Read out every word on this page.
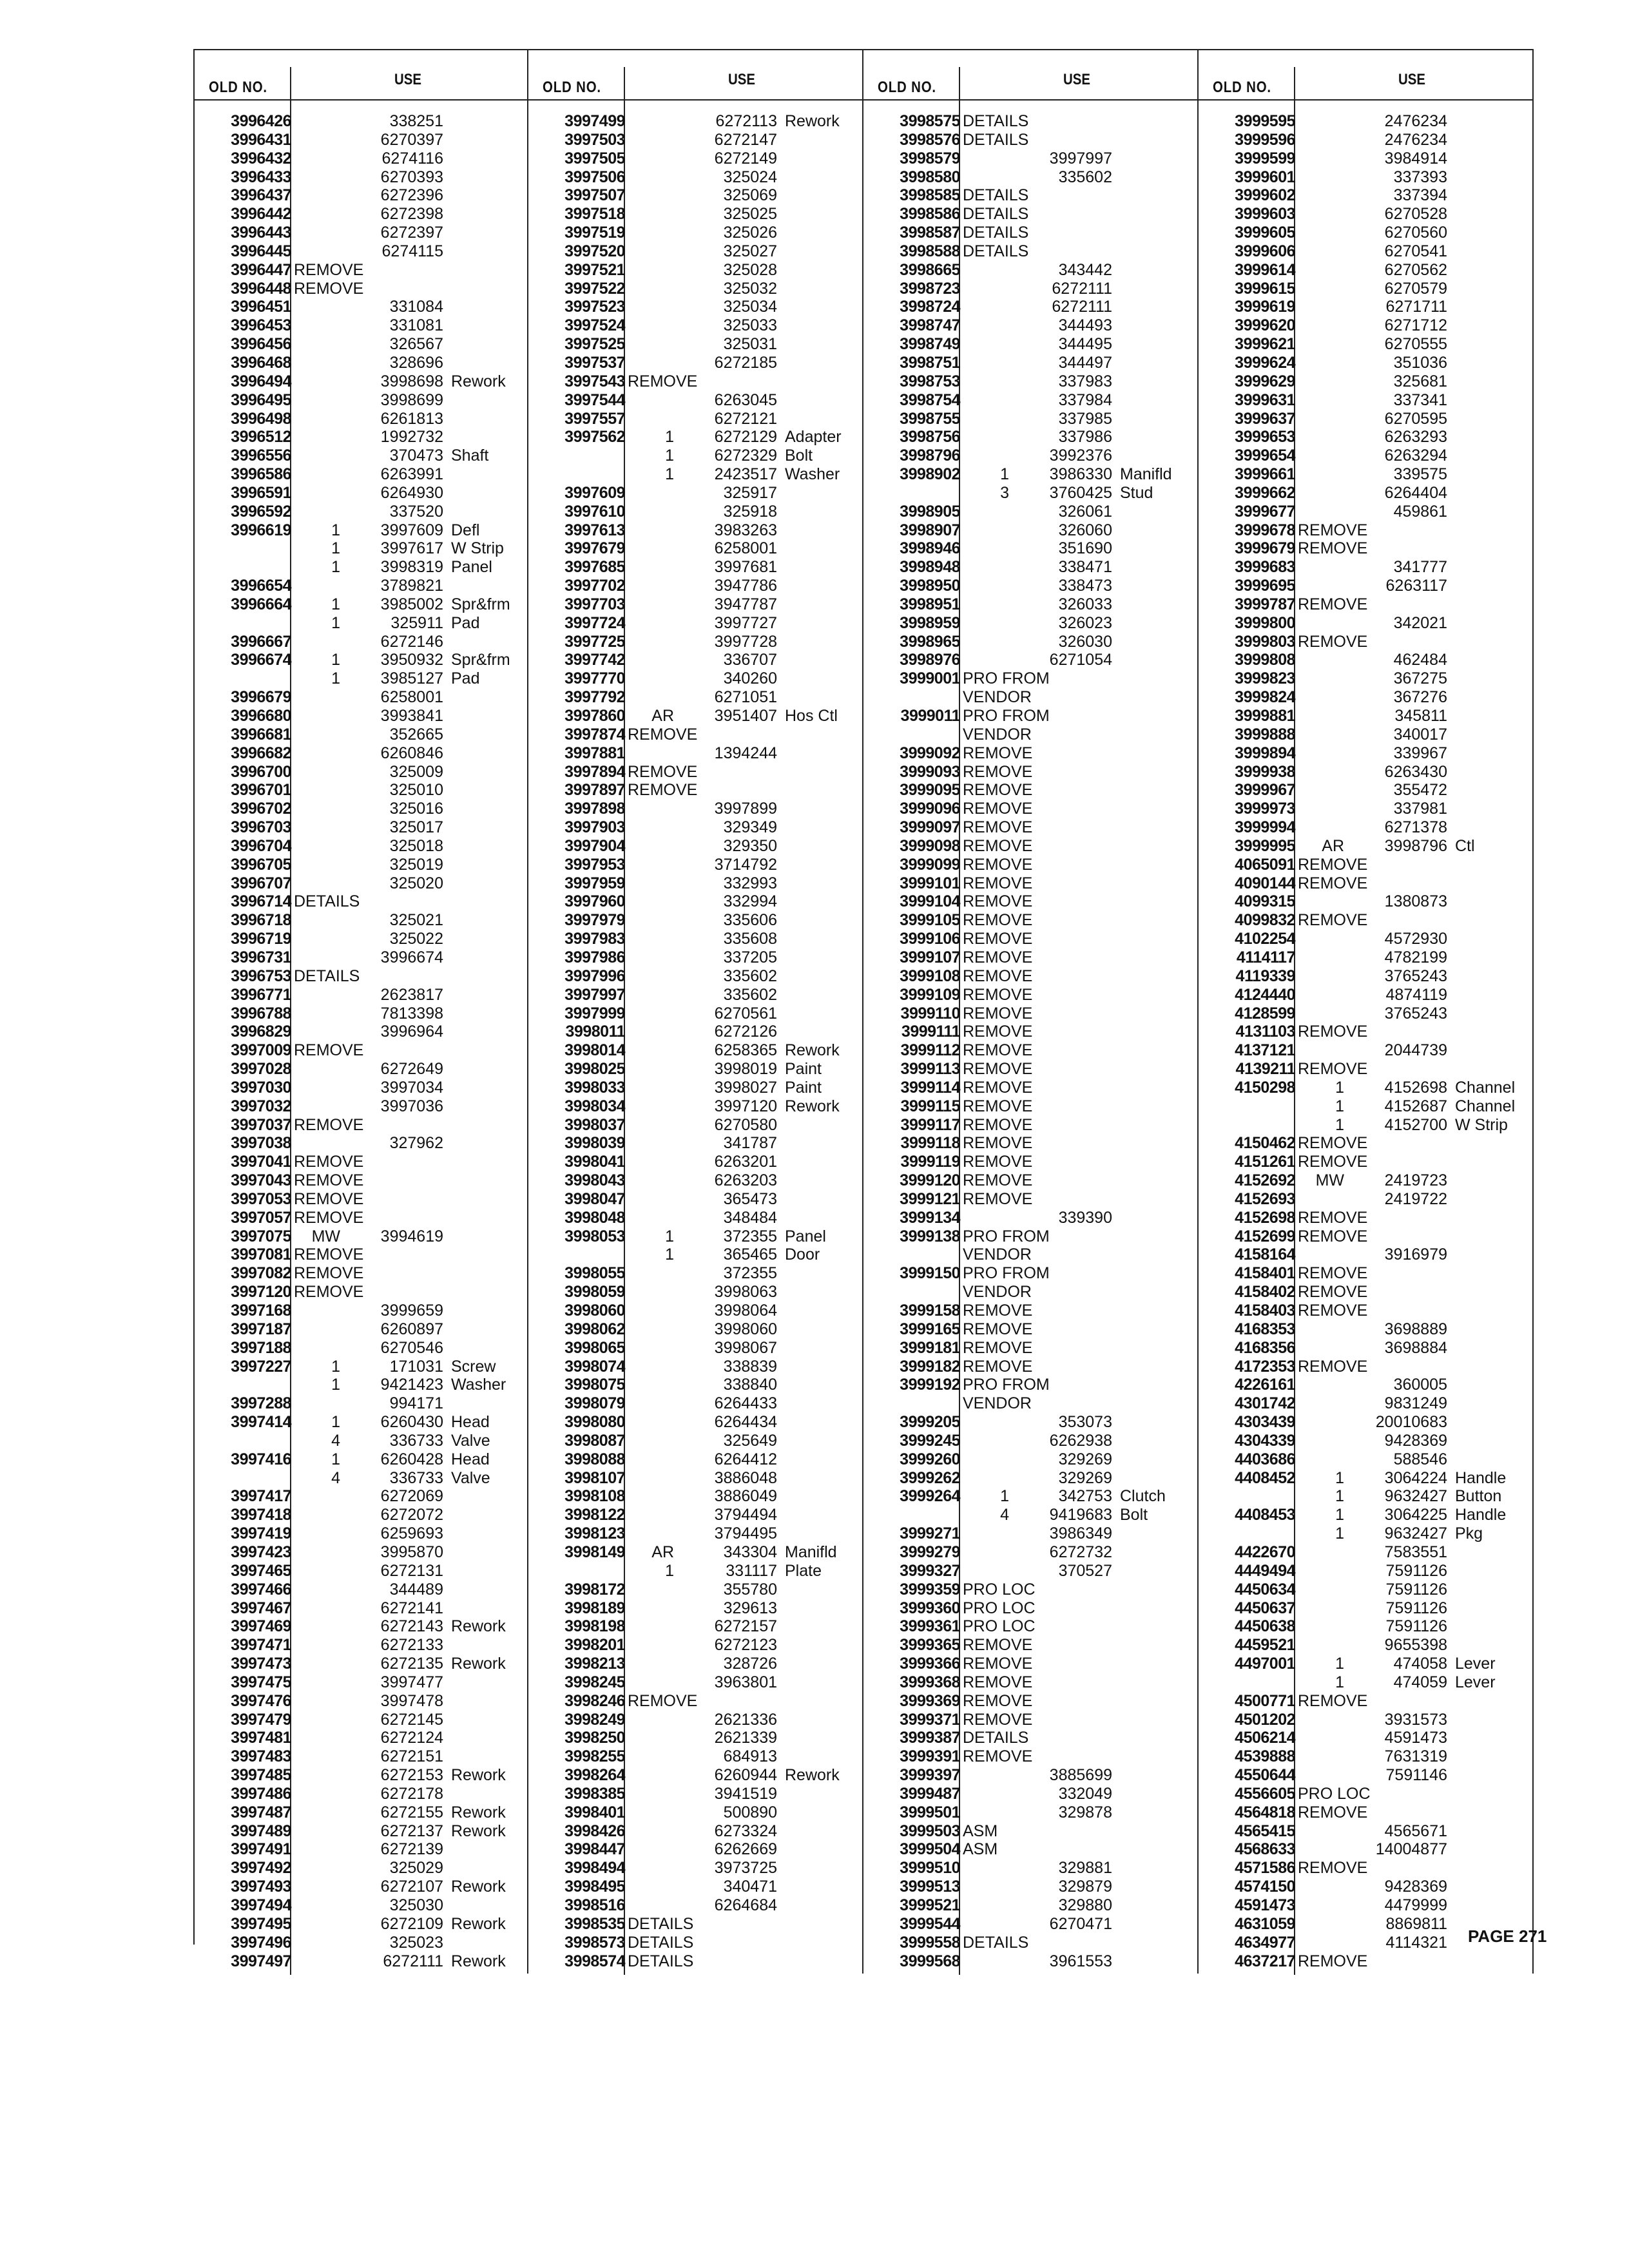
OLD NO.	USE
3996426	338251
3996431	6270397
3996432	6274116
3996433	6270393
3996437	6272396
3996442	6272398
3996443	6272397
3996445	6274115
3996447 REMOVE
3996448 REMOVE
3996451	331084
3996453	331081
3996456	326567
3996468	328696
3996494	3998698 Rework
3996495	3998699
3996498	6261813
3996512	1992732
3996556	370473 Shaft
3996586	6263991
3996591	6264930
3996592	337520
3996619	1	3997609 Defl
1	3997617 W Strip
1	3998319 Panel
3996654	3789821
3996664	1	3985002 Spr&frm
1	325911 Pad
3996667	6272146
3996674	1	3950932 Spr&frm
1	3985127 Pad
3996679	6258001
3996680	3993841
3996681	352665
3996682	6260846
3996700	325009
3996701	325010
3996702	325016
3996703	325017
3996704	325018
3996705	325019
3996707	325020
3996714 DETAILS
3996718	325021
3996719	325022
3996731	3996674
3996753 DETAILS
3996771	2623817
3996788	7813398
3996829	3996964
3997009 REMOVE
3997028	6272649
3997030	3997034
3997032	3997036
3997037 REMOVE
3997038	327962
3997041 REMOVE
3997043 REMOVE
3997053 REMOVE
3997057 REMOVE
3997075	MW	3994619
3997081 REMOVE
3997082 REMOVE
3997120 REMOVE
3997168	3999659
3997187	6260897
3997188	6270546
3997227	1	171031 Screw
1	9421423 Washer
3997288	994171
3997414	1	6260430 Head
4	336733 Valve
3997416	1	6260428 Head
4	336733 Valve
3997417	6272069
3997418	6272072
3997419	6259693
3997423	3995870
3997465	6272131
3997466	344489
3997467	6272141
3997469	6272143 Rework
3997471	6272133
3997473	6272135 Rework
3997475	3997477
3997476	3997478
3997479	6272145
3997481	6272124
3997483	6272151
3997485	6272153 Rework
3997486	6272178
3997487	6272155 Rework
3997489	6272137 Rework
3997491	6272139
3997492	325029
3997493	6272107 Rework
3997494	325030
3997495	6272109 Rework
3997496	325023
3997497	6272111 Rework
OLD NO.	USE
3997499	6272113 Rework
3997503	6272147
3997505	6272149
3997506	325024
3997507	325069
3997518	325025
3997519	325026
3997520	325027
3997521	325028
3997522	325032
3997523	325034
3997524	325033
3997525	325031
3997537	6272185
3997543 REMOVE
3997544	6263045
3997557	6272121
3997562	1	6272129 Adapter
1	6272329 Bolt
1	2423517 Washer
3997609	325917
3997610	325918
3997613	3983263
3997679	6258001
3997685	3997681
3997702	3947786
3997703	3947787
3997724	3997727
3997725	3997728
3997742	336707
3997770	340260
3997792	6271051
3997860	AR	3951407 Hos Ctl
3997874 REMOVE
3997881	1394244
3997894 REMOVE
3997897 REMOVE
3997898	3997899
3997903	329349
3997904	329350
3997953	3714792
3997959	332993
3997960	332994
3997979	335606
3997983	335608
3997986	337205
3997996	335602
3997997	335602
3997999	6270561
3998011	6272126
3998014	6258365 Rework
3998025	3998019 Paint
3998033	3998027 Paint
3998034	3997120 Rework
3998037	6270580
3998039	341787
3998041	6263201
3998043	6263203
3998047	365473
3998048	348484
3998053	1	372355 Panel
1	365465 Door
3998055	372355
3998059	3998063
3998060	3998064
3998062	3998060
3998065	3998067
3998074	338839
3998075	338840
3998079	6264433
3998080	6264434
3998087	325649
3998088	6264412
3998107	3886048
3998108	3886049
3998122	3794494
3998123	3794495
3998149	AR	343304 Manifld
1	331117 Plate
3998172	355780
3998189	329613
3998198	6272157
3998201	6272123
3998213	328726
3998245	3963801
3998246 REMOVE
3998249	2621336
3998250	2621339
3998255	684913
3998264	6260944 Rework
3998385	3941519
3998401	500890
3998426	6273324
3998447	6262669
3998494	3973725
3998495	340471
3998516	6264684
3998535 DETAILS
3998573 DETAILS
3998574 DETAILS
OLD NO.	USE
3998575 DETAILS
3998576 DETAILS
3998579	3997997
3998580	335602
3998585 DETAILS
3998586 DETAILS
3998587 DETAILS
3998588 DETAILS
3998665	343442
3998723	6272111
3998724	6272111
3998747	344493
3998749	344495
3998751	344497
3998753	337983
3998754	337984
3998755	337985
3998756	337986
3998796	3992376
3998902	1	3986330 Manifld
3	3760425 Stud
3998905	326061
3998907	326060
3998946	351690
3998948	338471
3998950	338473
3998951	326033
3998959	326023
3998965	326030
3998976	6271054
3999001 PRO FROM
VENDOR
3999011 PRO FROM
VENDOR
3999092 REMOVE
3999093 REMOVE
3999095 REMOVE
3999096 REMOVE
3999097 REMOVE
3999098 REMOVE
3999099 REMOVE
3999101 REMOVE
3999104 REMOVE
3999105 REMOVE
3999106 REMOVE
3999107 REMOVE
3999108 REMOVE
3999109 REMOVE
3999110 REMOVE
3999111 REMOVE
3999112 REMOVE
3999113 REMOVE
3999114 REMOVE
3999115 REMOVE
3999117 REMOVE
3999118 REMOVE
3999119 REMOVE
3999120 REMOVE
3999121 REMOVE
3999134	339390
3999138 PRO FROM
VENDOR
3999150 PRO FROM
VENDOR
3999158 REMOVE
3999165 REMOVE
3999181 REMOVE
3999182 REMOVE
3999192 PRO FROM
VENDOR
3999205	353073
3999245	6262938
3999260	329269
3999262	329269
3999264	1	342753 Clutch
4	9419683 Bolt
3999271	3986349
3999279	6272732
3999327	370527
3999359 PRO LOC
3999360 PRO LOC
3999361 PRO LOC
3999365 REMOVE
3999366 REMOVE
3999368 REMOVE
3999369 REMOVE
3999371 REMOVE
3999387 DETAILS
3999391 REMOVE
3999397	3885699
3999487	332049
3999501	329878
3999503 ASM
3999504 ASM
3999510	329881
3999513	329879
3999521	329880
3999544	6270471
3999558 DETAILS
3999568	3961553
OLD NO.	USE
3999595	2476234
3999596	2476234
3999599	3984914
3999601	337393
3999602	337394
3999603	6270528
3999605	6270560
3999606	6270541
3999614	6270562
3999615	6270579
3999619	6271711
3999620	6271712
3999621	6270555
3999624	351036
3999629	325681
3999631	337341
3999637	6270595
3999653	6263293
3999654	6263294
3999661	339575
3999662	6264404
3999677	459861
3999678 REMOVE
3999679 REMOVE
3999683	341777
3999695	6263117
3999787 REMOVE
3999800	342021
3999803 REMOVE
3999808	462484
3999823	367275
3999824	367276
3999881	345811
3999888	340017
3999894	339967
3999938	6263430
3999967	355472
3999973	337981
3999994	6271378
3999995	AR	3998796 Ctl
4065091 REMOVE
4090144 REMOVE
4099315	1380873
4099832 REMOVE
4102254	4572930
4114117	4782199
4119339	3765243
4124440	4874119
4128599	3765243
4131103 REMOVE
4137121	2044739
4139211 REMOVE
4150298	1	4152698 Channel
1	4152687 Channel
1	4152700 W Strip
4150462 REMOVE
4151261 REMOVE
4152692	MW	2419723
4152693	2419722
4152698 REMOVE
4152699 REMOVE
4158164	3916979
4158401 REMOVE
4158402 REMOVE
4158403 REMOVE
4168353	3698889
4168356	3698884
4172353 REMOVE
4226161	360005
4301742	9831249
4303439	20010683
4304339	9428369
4403686	588546
4408452	1	3064224 Handle
1	9632427 Button
4408453	1	3064225 Handle
1	9632427 Pkg
4422670	7583551
4449494	7591126
4450634	7591126
4450637	7591126
4450638	7591126
4459521	9655398
4497001	1	474058 Lever
1	474059 Lever
4500771 REMOVE
4501202	3931573
4506214	4591473
4539888	7631319
4550644	7591146
4556605 PRO LOC
4564818 REMOVE
4565415	4565671
4568633	14004877
4571586 REMOVE
4574150	9428369
4591473	4479999
4631059	8869811
4634977	4114321
4637217 REMOVE
PAGE 271
